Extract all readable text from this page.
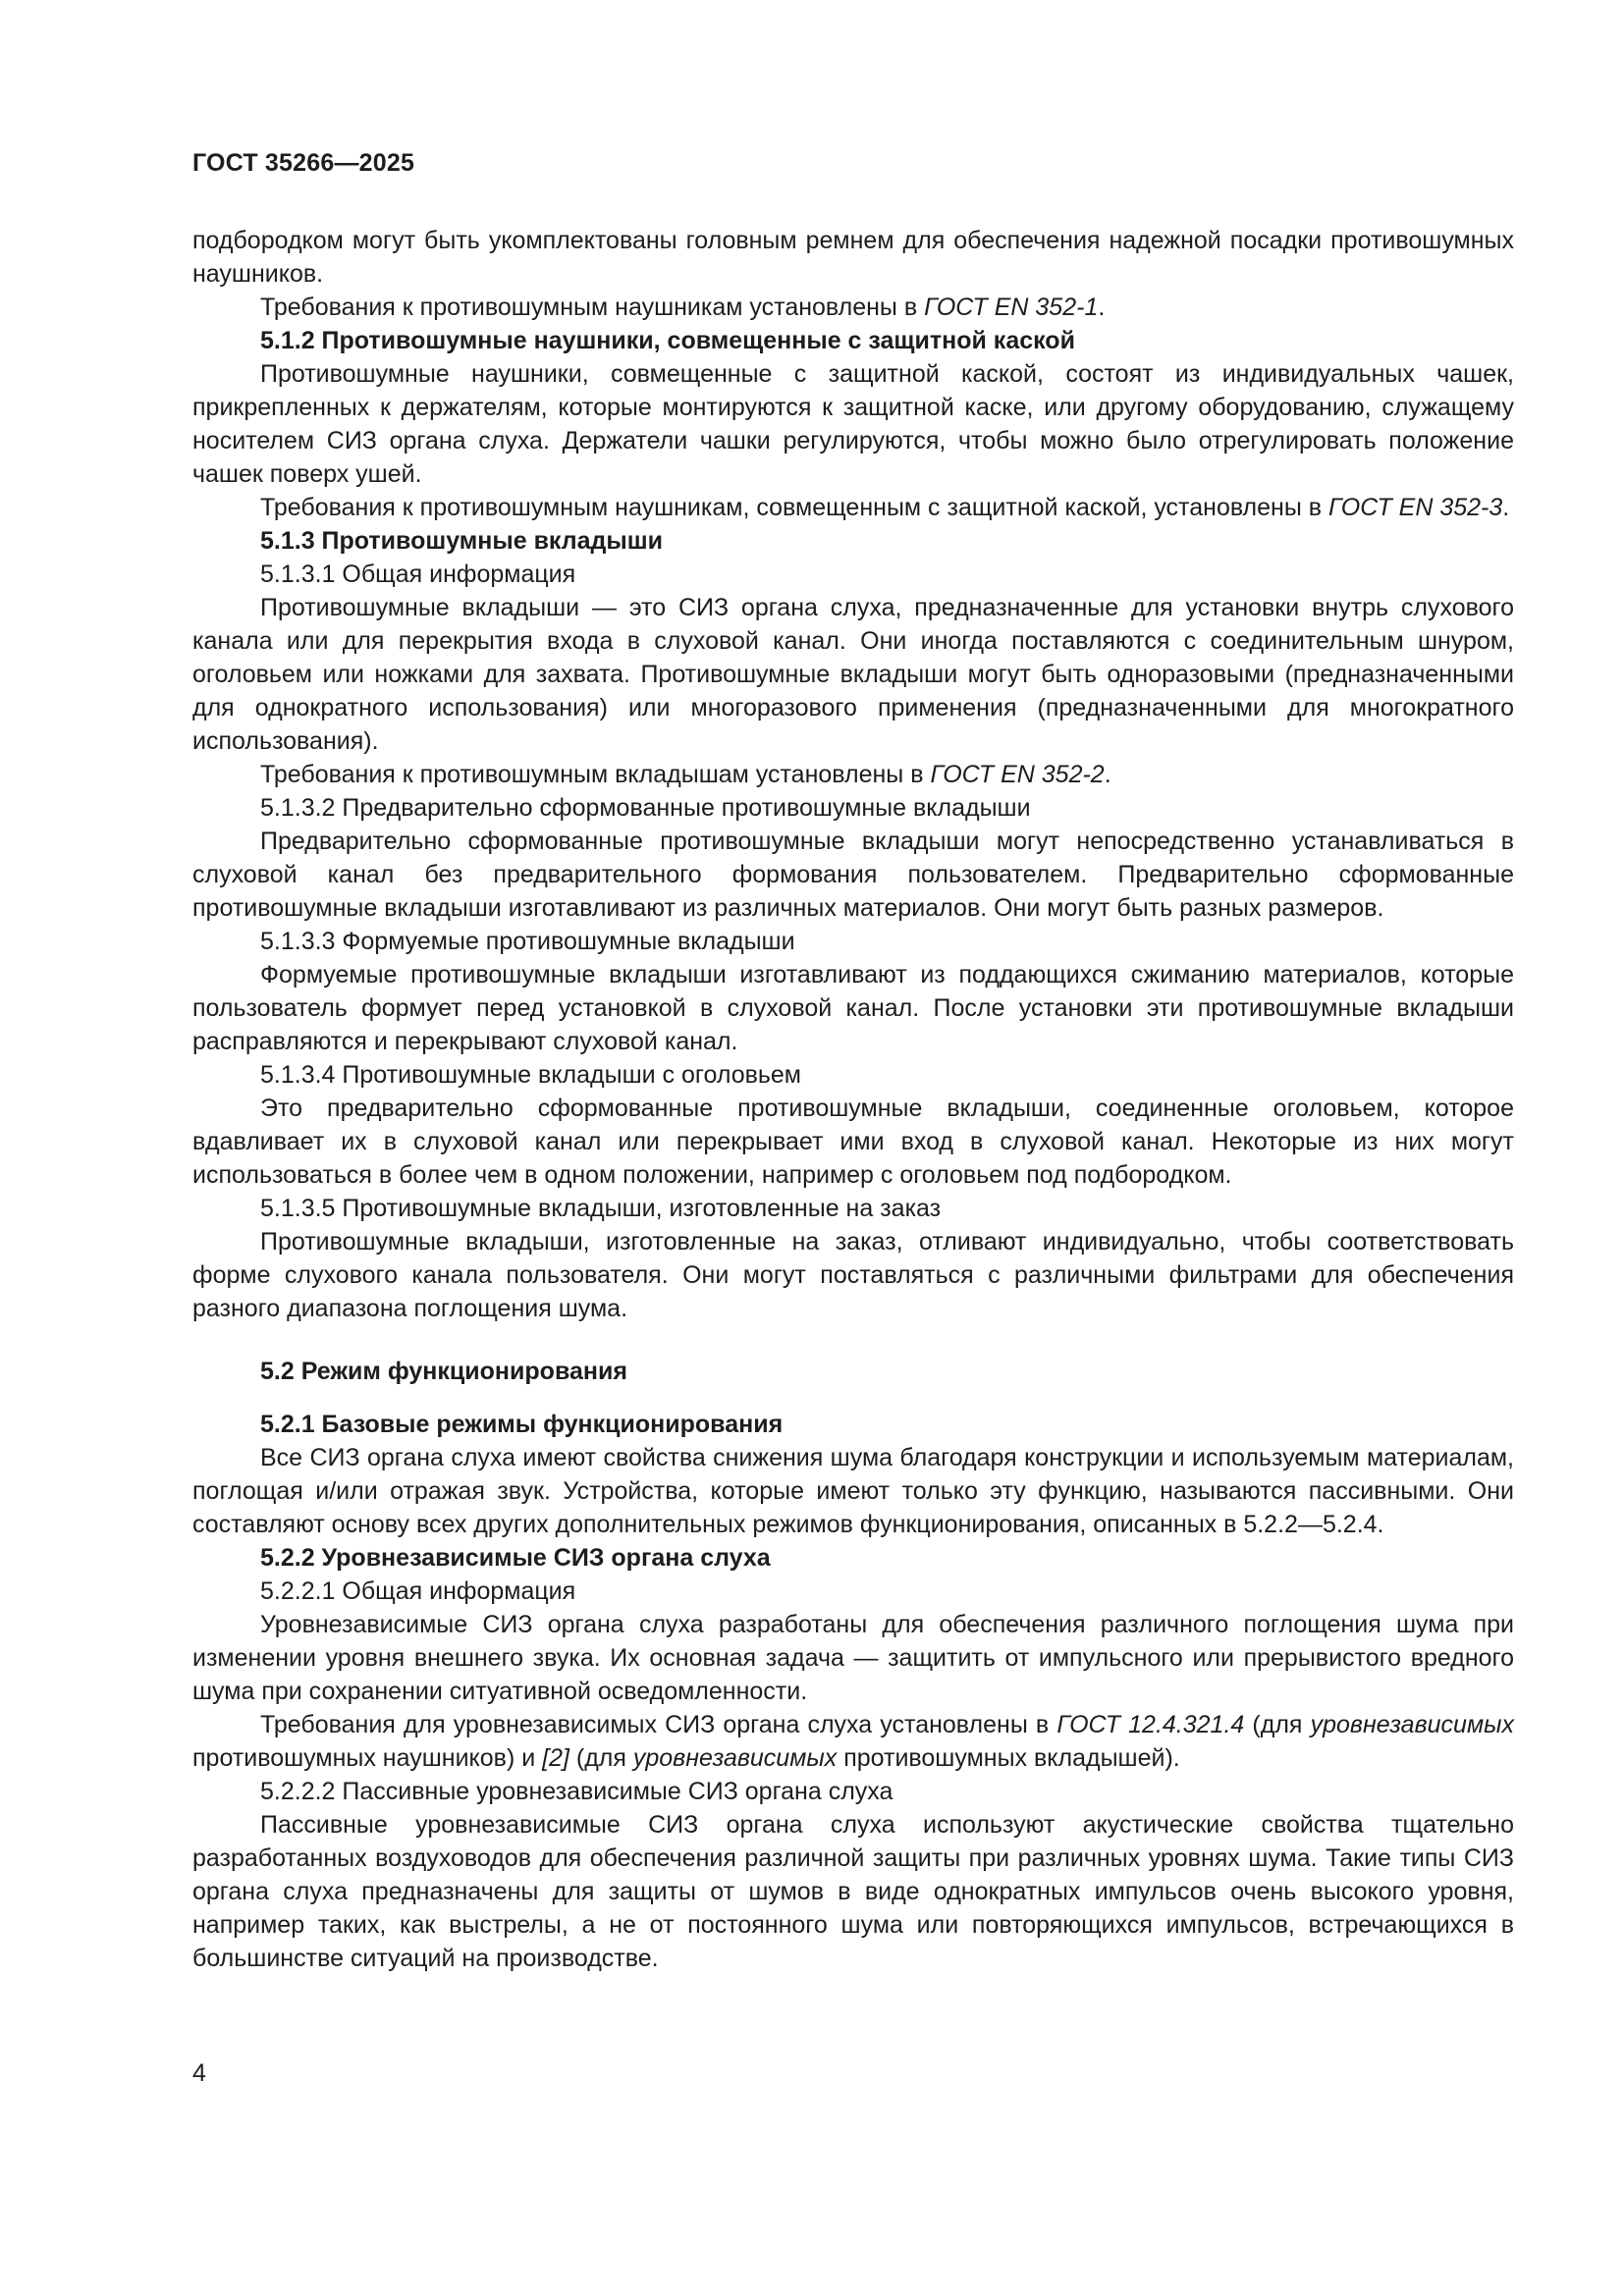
ГОСТ 35266—2025

подбородком могут быть укомплектованы головным ремнем для обеспечения надежной посадки противошумных наушников.

Требования к противошумным наушникам установлены в ГОСТ EN 352-1.

5.1.2 Противошумные наушники, совмещенные с защитной каской

Противошумные наушники, совмещенные с защитной каской, состоят из индивидуальных чашек, прикрепленных к держателям, которые монтируются к защитной каске, или другому оборудованию, служащему носителем СИЗ органа слуха. Держатели чашки регулируются, чтобы можно было отрегулировать положение чашек поверх ушей.

Требования к противошумным наушникам, совмещенным с защитной каской, установлены в ГОСТ EN 352-3.

5.1.3 Противошумные вкладыши

5.1.3.1 Общая информация

Противошумные вкладыши — это СИЗ органа слуха, предназначенные для установки внутрь слухового канала или для перекрытия входа в слуховой канал. Они иногда поставляются с соединительным шнуром, оголовьем или ножками для захвата. Противошумные вкладыши могут быть одноразовыми (предназначенными для однократного использования) или многоразового применения (предназначенными для многократного использования).

Требования к противошумным вкладышам установлены в ГОСТ EN 352-2.

5.1.3.2 Предварительно сформованные противошумные вкладыши

Предварительно сформованные противошумные вкладыши могут непосредственно устанавливаться в слуховой канал без предварительного формования пользователем. Предварительно сформованные противошумные вкладыши изготавливают из различных материалов. Они могут быть разных размеров.

5.1.3.3 Формуемые противошумные вкладыши

Формуемые противошумные вкладыши изготавливают из поддающихся сжиманию материалов, которые пользователь формует перед установкой в слуховой канал. После установки эти противошумные вкладыши расправляются и перекрывают слуховой канал.

5.1.3.4 Противошумные вкладыши с оголовьем

Это предварительно сформованные противошумные вкладыши, соединенные оголовьем, которое вдавливает их в слуховой канал или перекрывает ими вход в слуховой канал. Некоторые из них могут использоваться в более чем в одном положении, например с оголовьем под подбородком.

5.1.3.5 Противошумные вкладыши, изготовленные на заказ

Противошумные вкладыши, изготовленные на заказ, отливают индивидуально, чтобы соответствовать форме слухового канала пользователя. Они могут поставляться с различными фильтрами для обеспечения разного диапазона поглощения шума.

5.2 Режим функционирования

5.2.1 Базовые режимы функционирования

Все СИЗ органа слуха имеют свойства снижения шума благодаря конструкции и используемым материалам, поглощая и/или отражая звук. Устройства, которые имеют только эту функцию, называются пассивными. Они составляют основу всех других дополнительных режимов функционирования, описанных в 5.2.2—5.2.4.

5.2.2 Уровнезависимые СИЗ органа слуха

5.2.2.1 Общая информация

Уровнезависимые СИЗ органа слуха разработаны для обеспечения различного поглощения шума при изменении уровня внешнего звука. Их основная задача — защитить от импульсного или прерывистого вредного шума при сохранении ситуативной осведомленности.

Требования для уровнезависимых СИЗ органа слуха установлены в ГОСТ 12.4.321.4 (для уровнезависимых противошумных наушников) и [2] (для уровнезависимых противошумных вкладышей).

5.2.2.2 Пассивные уровнезависимые СИЗ органа слуха

Пассивные уровнезависимые СИЗ органа слуха используют акустические свойства тщательно разработанных воздуховодов для обеспечения различной защиты при различных уровнях шума. Такие типы СИЗ органа слуха предназначены для защиты от шумов в виде однократных импульсов очень высокого уровня, например таких, как выстрелы, а не от постоянного шума или повторяющихся импульсов, встречающихся в большинстве ситуаций на производстве.

4
